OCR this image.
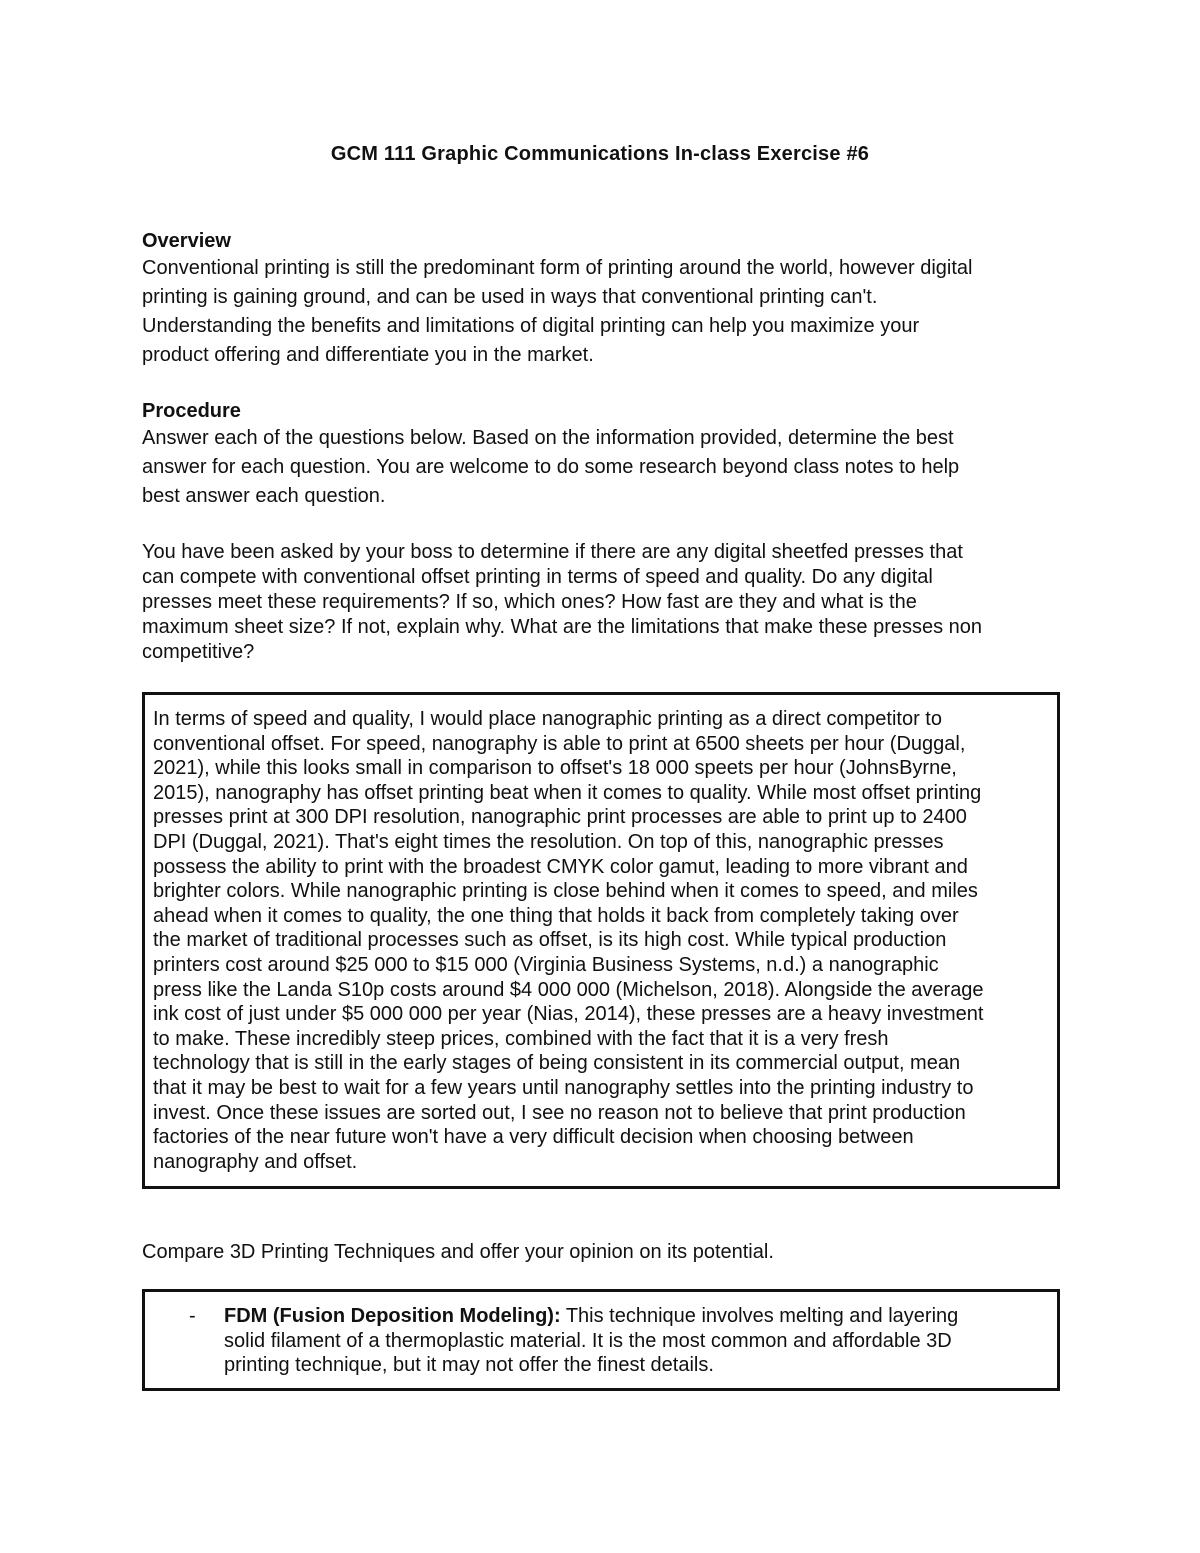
GCM 111 Graphic Communications In-class Exercise #6
Overview

Conventional printing is still the predominant form of printing around the world, however digital
printing is gaining ground, and can be used in ways that conventional printing can't.
Understanding the benefits and limitations of digital printing can help you maximize your
product offering and differentiate you in the market.

Procedure

Answer each of the questions below. Based on the information provided, determine the best
answer for each question. You are welcome to do some research beyond class notes to help
best answer each question.

You have been asked by your boss to determine if there are any digital sheetfed presses that
can compete with conventional offset printing in terms of speed and quality. Do any digital
presses meet these requirements? If so, which ones? How fast are they and what is the
maximum sheet size? If not, explain why. What are the limitations that make these presses non
competitive?

In terms of speed and quality, I would place nanographic printing as a direct competitor to
conventional offset. For speed, nanography is able to print at 6500 sheets per hour (Duggal,
2021), while this looks small in comparison to offset's 18 000 speets per hour (JohnsByrne,
2015), nanography has offset printing beat when it comes to quality. While most offset printing
presses print at 300 DPI resolution, nanographic print processes are able to print up to 2400
DPI (Duggal, 2021). That's eight times the resolution. On top of this, nanographic presses
possess the ability to print with the broadest CMYK color gamut, leading to more vibrant and
brighter colors. While nanographic printing is close behind when it comes to speed, and miles
ahead when it comes to quality, the one thing that holds it back from completely taking over
the market of traditional processes such as offset, is its high cost. While typical production
printers cost around $25 000 to $15 000 (Virginia Business Systems, n.d.) a nanographic
press like the Landa S10p costs around $4 000 000 (Michelson, 2018). Alongside the average
ink cost of just under $5 000 000 per year (Nias, 2014), these presses are a heavy investment
to make. These incredibly steep prices, combined with the fact that it is a very fresh
technology that is still in the early stages of being consistent in its commercial output, mean
that it may be best to wait for a few years until nanography settles into the printing industry to
invest. Once these issues are sorted out, I see no reason not to believe that print production
factories of the near future won't have a very difficult decision when choosing between
nanography and offset.

Compare 3D Printing Techniques and offer your opinion on its potential.

-	FDM (Fusion Deposition Modeling): This technique involves melting and layering
solid filament of a thermoplastic material. It is the most common and affordable 3D
printing technique, but it may not offer the finest details.
